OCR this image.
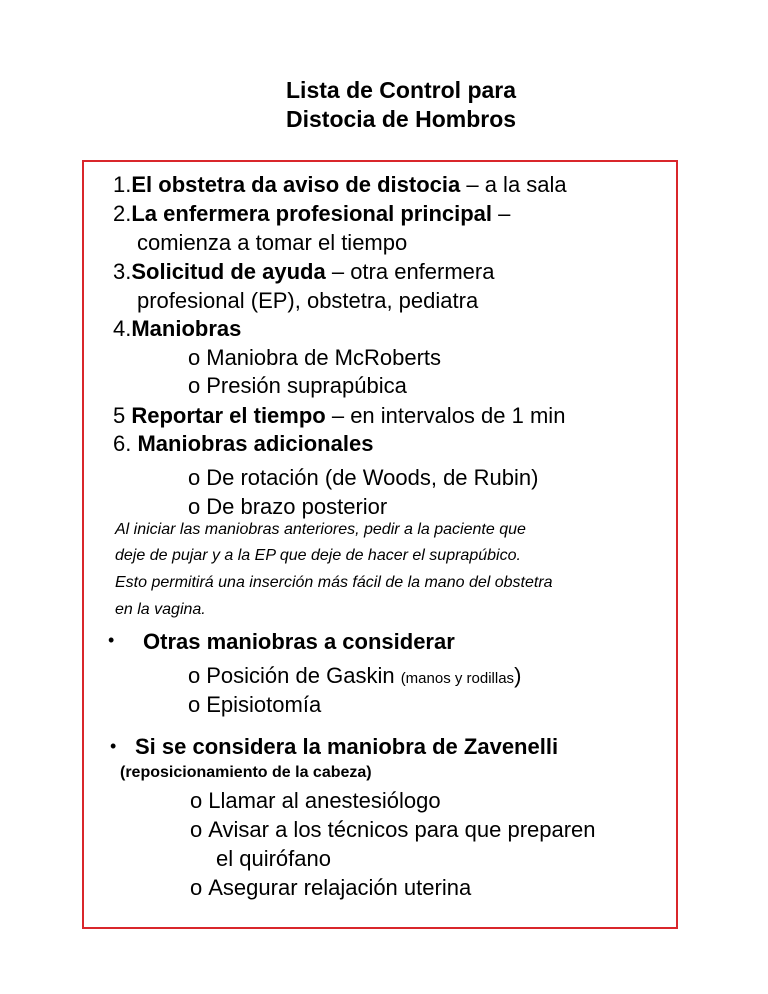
Lista de Control para
Distocia de Hombros
1.El obstetra da aviso de distocia – a la sala
2.La enfermera profesional principal –
comienza a tomar el tiempo
3.Solicitud de ayuda – otra enfermera
profesional (EP), obstetra, pediatra
4.Maniobras
o Maniobra de McRoberts
o Presión suprapúbica
5 Reportar el tiempo – en intervalos de 1 min
6. Maniobras adicionales
o De rotación (de Woods, de Rubin)
o De brazo posterior
Al iniciar las maniobras anteriores, pedir a la paciente que
deje de pujar y a la EP que deje de hacer el suprapúbico.
Esto permitirá una inserción más fácil de la mano del obstetra
en la vagina.
• Otras maniobras a considerar
o Posición de Gaskin (manos y rodillas)
o Episiotomía
• Si se considera la maniobra de Zavenelli
(reposicionamiento de la cabeza)
o Llamar al anestesiólogo
o Avisar a los técnicos para que preparen
el quirófano
o Asegurar relajación uterina
